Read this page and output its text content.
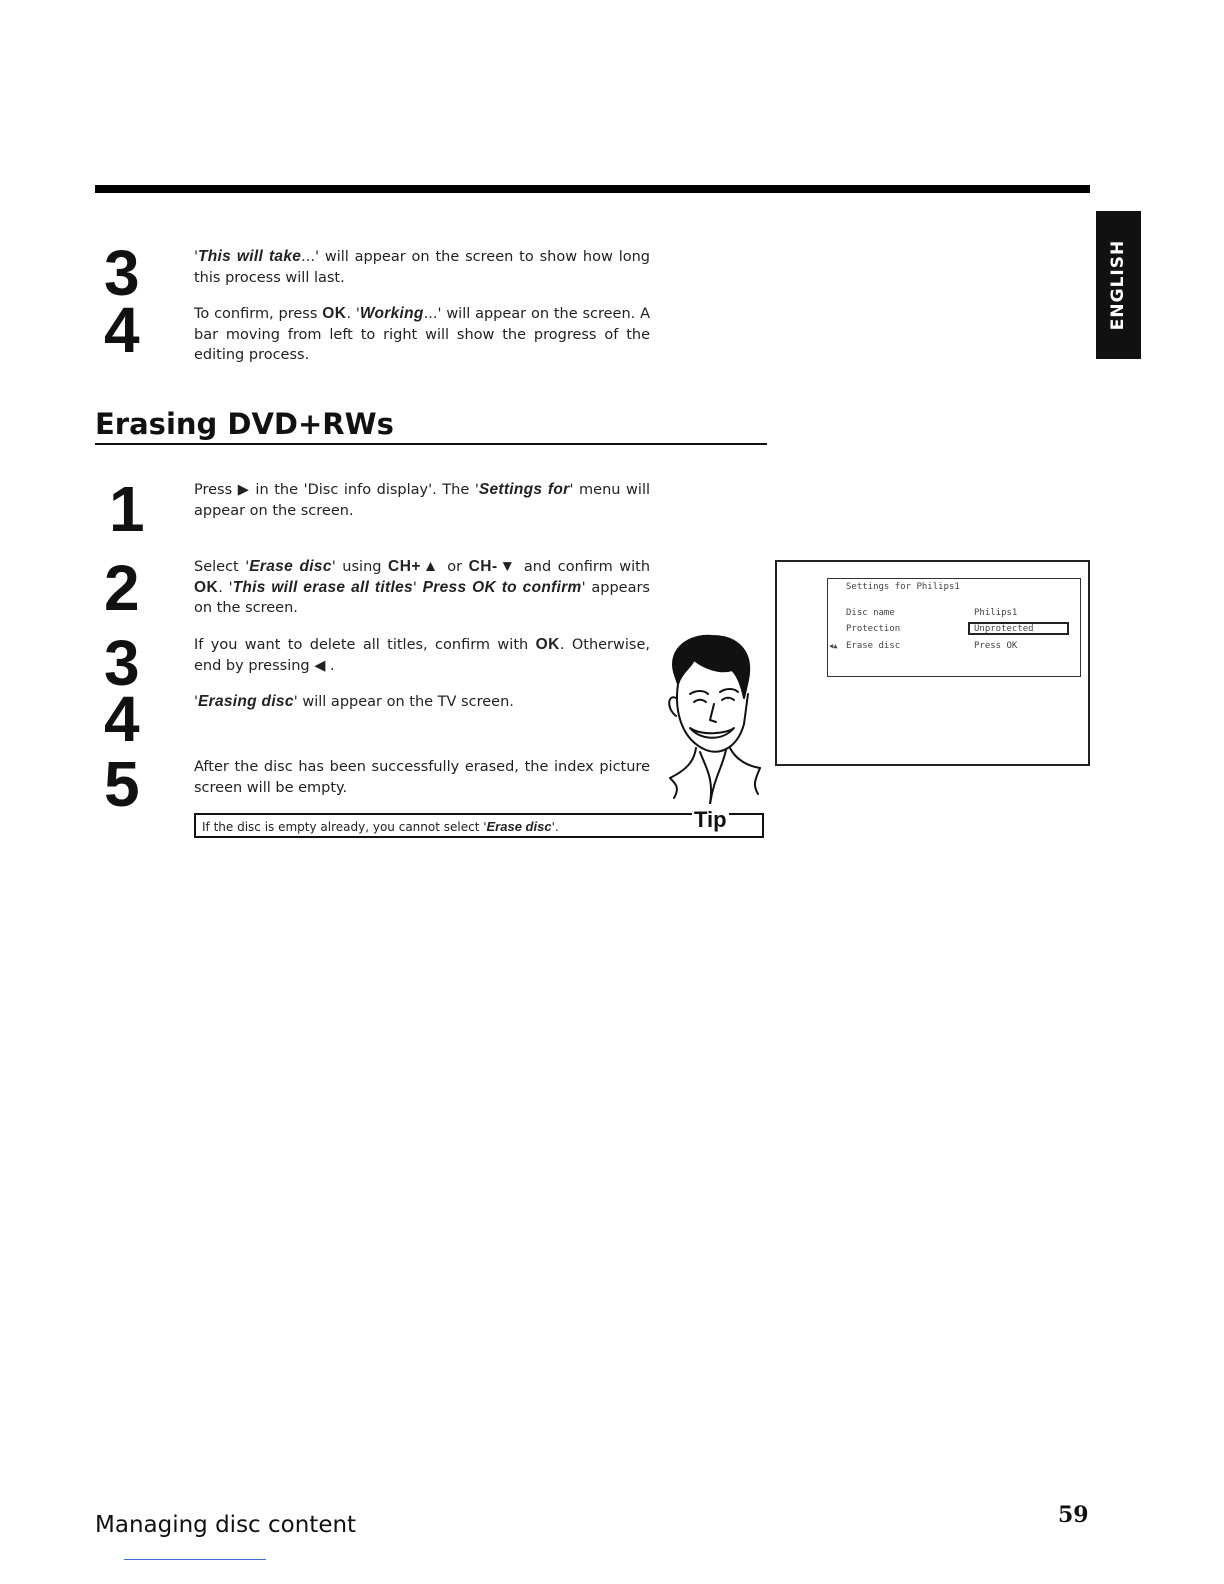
ENGLISH
3	'This will take...' will appear on the screen to show how long this process will last.

4	To confirm, press OK. 'Working...' will appear on the screen. A bar moving from left to right will show the progress of the editing process.

Erasing DVD+RWs
1	Press ▶ in the 'Disc info display'. The 'Settings for' menu will appear on the screen.

2	Select 'Erase disc' using CH+▲ or CH-▼ and confirm with OK. 'This will erase all titles' Press OK to confirm' appears on the screen.

3	If you want to delete all titles, confirm with OK. Otherwise, end by pressing ◀ .

4	'Erasing disc' will appear on the TV screen.

5	After the disc has been successfully erased, the index picture screen will be empty.

If the disc is empty already, you cannot select 'Erase disc'.	Tip
Settings for Philips1
Disc name	Philips1
Protection	Unprotected
◀▲ Erase disc	Press OK

Managing disc content	59
